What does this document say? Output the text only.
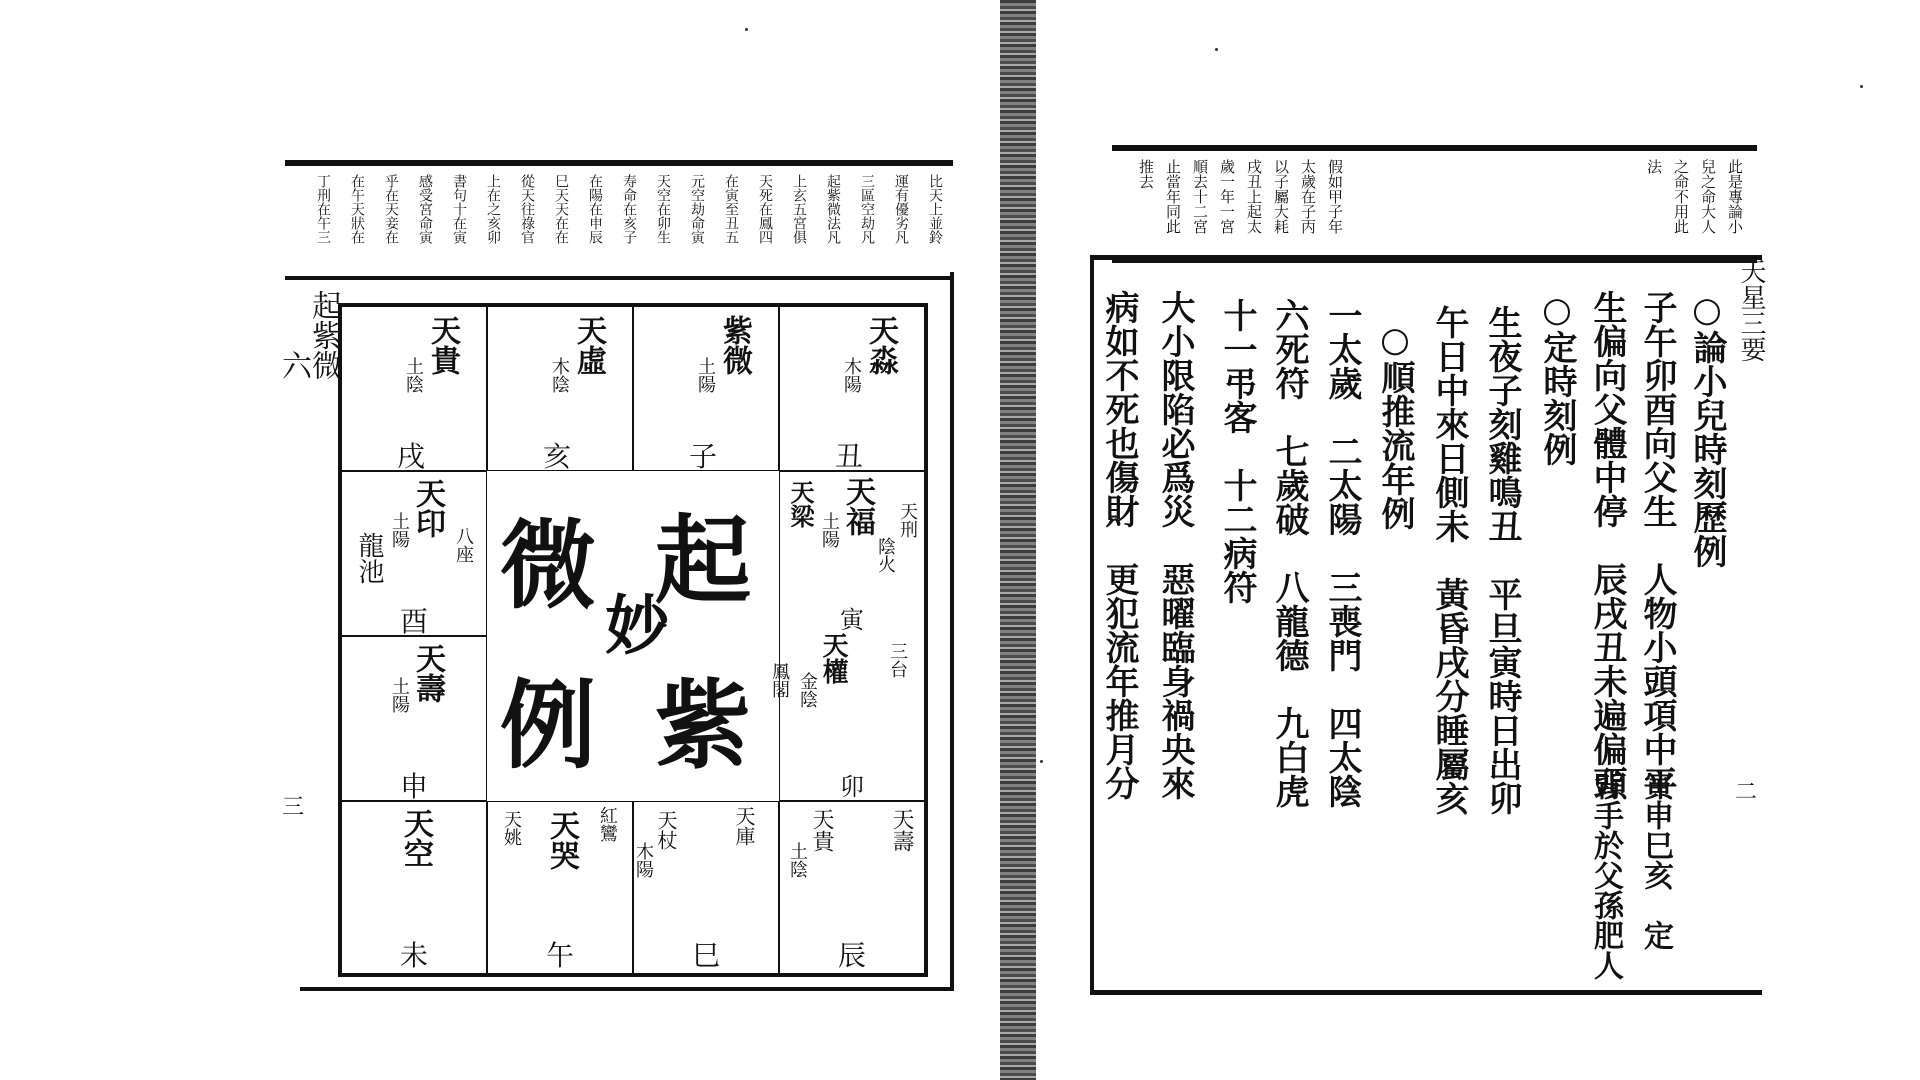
比天上並鈴
運有優劣凡
三區空劫凡
起紫微法凡
上玄五宮俱
天死在鳳四
在寅至丑五
元空劫命寅
天空在卯生
寿命在亥子
在陽在申辰
巳天天在在
從天往祿官
上在之亥卯
書句十在寅
感受宮命寅
乎在天妾在
在午天狀在
丁刑在午三
起紫微
六
三
天貴
土陰
戌
天虛
木陰
亥
紫微
土陽
子
天淼
木陽
丑
天印
土陽 八座
龍池
酉
天福
土陽	天刑
陰火
天梁
寅
天權
金陰
三台
鳳閣
卯
天壽
土陽
申
天空
未
天哭
天姚	紅鸞
午
天杖
木陽
天庫
巳
天貴
土陰
天壽
辰
起
妙
紫
微
例
此是專論小
兒之命大人
之命不用此
法
假如甲子年
太歲在子丙
以子屬大耗
戌丑上起太
歲一年一宮
順去十二宮
止當年同此
推去
天星三要
二
○論小兒時刻歷例
子午卯酉向父生　人物小頭項中平
生偏向父體中停　辰戌丑未遍偏頭
○定時刻例
生夜子刻雞鳴丑　平旦寅時日出卯
午日中來日側未　黃昏戌分睡屬亥
○順推流年例
一太歲　二太陽　三喪門　四太陰
六死符　七歲破　八龍德　九白虎
十一弔客　十二病符
大小限陷必爲災　惡曜臨身禍央來
病如不死也傷財　更犯流年推月分
寅申巳亥　定
背手於父孫肥人
